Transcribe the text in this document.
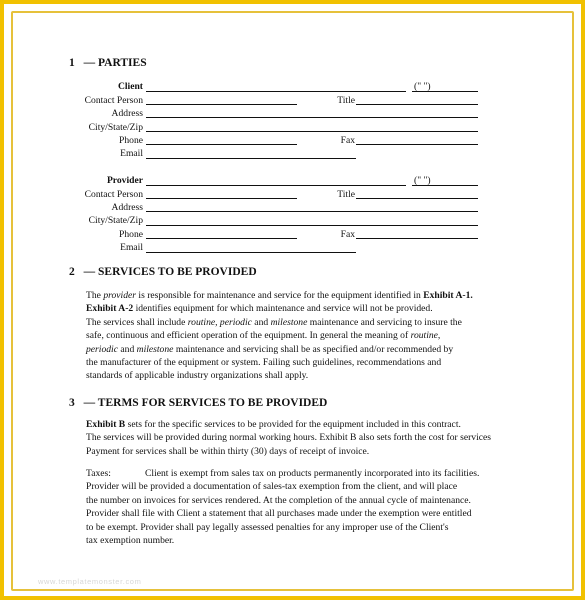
1 — PARTIES
Client	(" ")
Contact Person	Title
Address
City/State/Zip
Phone	Fax
Email
Provider	(" ")
Contact Person	Title
Address
City/State/Zip
Phone	Fax
Email
2 — SERVICES TO BE PROVIDED
The provider is responsible for maintenance and service for the equipment identified in Exhibit A-1.
Exhibit A-2 identifies equipment for which maintenance and service will not be provided.
The services shall include routine, periodic and milestone maintenance and servicing to insure the
safe, continuous and efficient operation of the equipment. In general the meaning of routine,
periodic and milestone maintenance and servicing shall be as specified and/or recommended by
the manufacturer of the equipment or system. Failing such guidelines, recommendations and
standards of applicable industry organizations shall apply.
3 — TERMS FOR SERVICES TO BE PROVIDED
Exhibit B sets for the specific services to be provided for the equipment included in this contract.
The services will be provided during normal working hours. Exhibit B also sets forth the cost for services
Payment for services shall be within thirty (30) days of receipt of invoice.
Taxes:	Client is exempt from sales tax on products permanently incorporated into its facilities.
Provider will be provided a documentation of sales-tax exemption from the client, and will place
the number on invoices for services rendered. At the completion of the annual cycle of maintenance.
Provider shall file with Client a statement that all purchases made under the exemption were entitled
to be exempt. Provider shall pay legally assessed penalties for any improper use of the Client's
tax exemption number.
www.templatemonster.com
